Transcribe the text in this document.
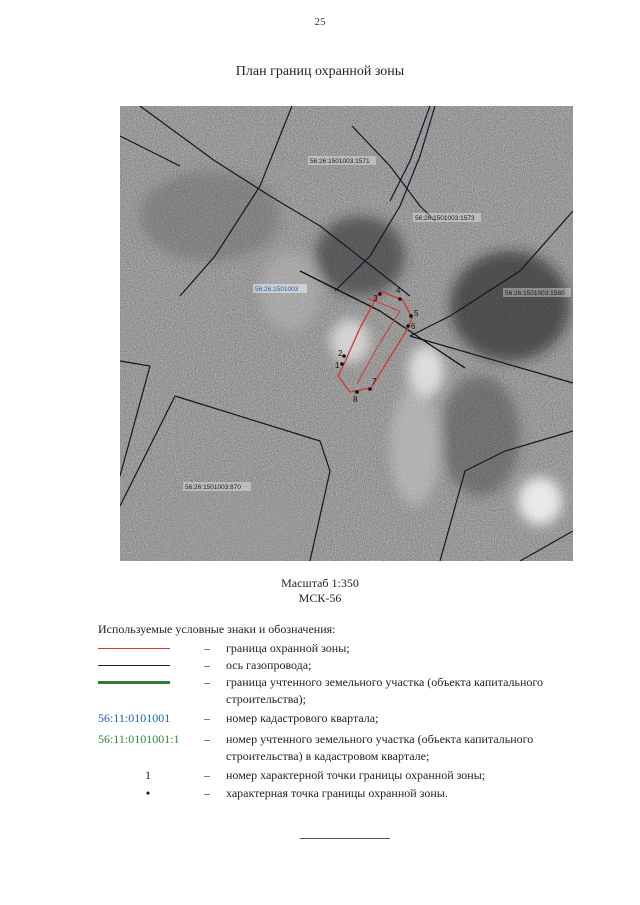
25
План границ охранной зоны
1
2
3
4
5
6
7
8
56:26:1501003:1571
56:26:1501003:1573
56:26:1501003:1580
56:26:1501003:870
56:26:1501003
Масштаб 1:350
МСК-56
Используемые условные знаки и обозначения:
– граница охранной зоны;
– ось газопровода;
– граница учтенного земельного участка (объекта капитального строительства);
56:11:0101001	– номер кадастрового квартала;
56:11:0101001:1	– номер учтенного земельного участка (объекта капитального строительства) в кадастровом квартале;
1	– номер характерной точки границы охранной зоны;
•	– характерная точка границы охранной зоны.
